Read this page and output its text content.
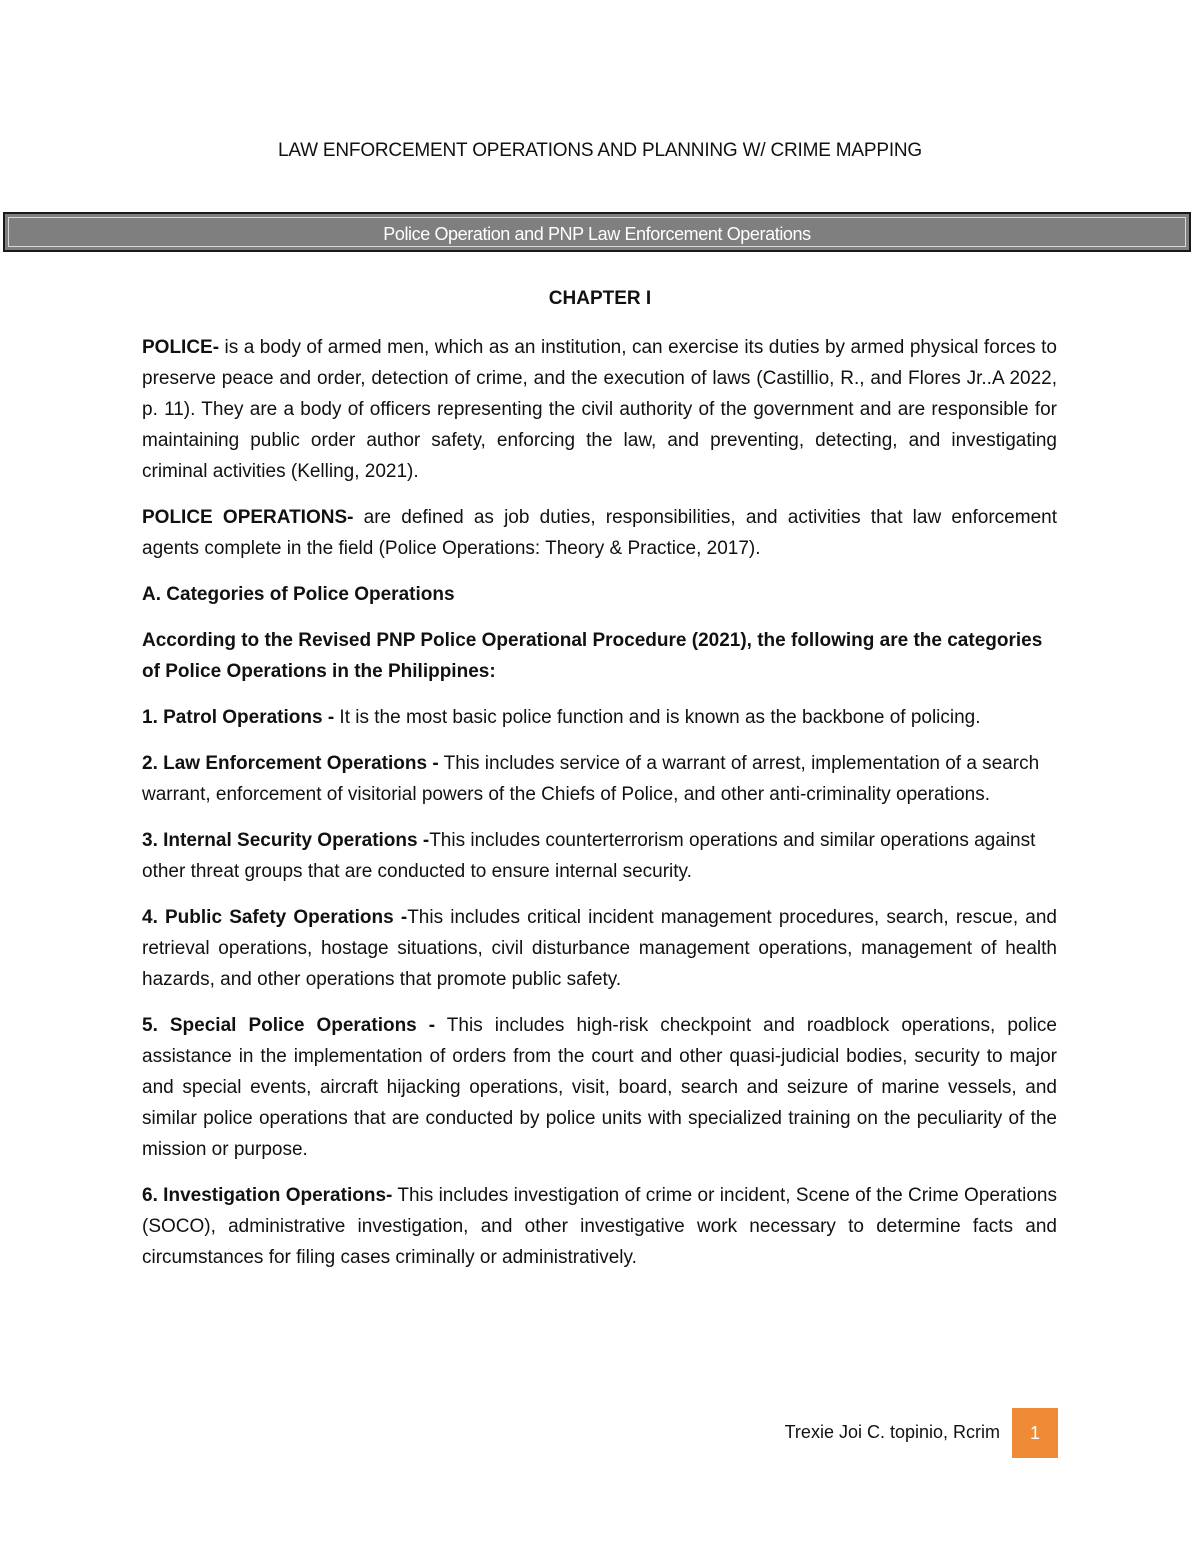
LAW ENFORCEMENT OPERATIONS AND PLANNING W/ CRIME MAPPING
Police Operation and PNP Law Enforcement Operations
CHAPTER I

POLICE- is a body of armed men, which as an institution, can exercise its duties by armed physical forces to preserve peace and order, detection of crime, and the execution of laws (Castillio, R., and Flores Jr..A 2022, p. 11). They are a body of officers representing the civil authority of the government and are responsible for maintaining public order author safety, enforcing the law, and preventing, detecting, and investigating criminal activities (Kelling, 2021).

POLICE OPERATIONS- are defined as job duties, responsibilities, and activities that law enforcement agents complete in the field (Police Operations: Theory & Practice, 2017).

A. Categories of Police Operations

According to the Revised PNP Police Operational Procedure (2021), the following are the categories of Police Operations in the Philippines:

1. Patrol Operations - It is the most basic police function and is known as the backbone of policing.

2. Law Enforcement Operations - This includes service of a warrant of arrest, implementation of a search warrant, enforcement of visitorial powers of the Chiefs of Police, and other anti-criminality operations.

3. Internal Security Operations -This includes counterterrorism operations and similar operations against other threat groups that are conducted to ensure internal security.

4. Public Safety Operations -This includes critical incident management procedures, search, rescue, and retrieval operations, hostage situations, civil disturbance management operations, management of health hazards, and other operations that promote public safety.

5. Special Police Operations - This includes high-risk checkpoint and roadblock operations, police assistance in the implementation of orders from the court and other quasi-judicial bodies, security to major and special events, aircraft hijacking operations, visit, board, search and seizure of marine vessels, and similar police operations that are conducted by police units with specialized training on the peculiarity of the mission or purpose.

6. Investigation Operations- This includes investigation of crime or incident, Scene of the Crime Operations (SOCO), administrative investigation, and other investigative work necessary to determine facts and circumstances for filing cases criminally or administratively.

Trexie Joi C. topinio, Rcrim	1
